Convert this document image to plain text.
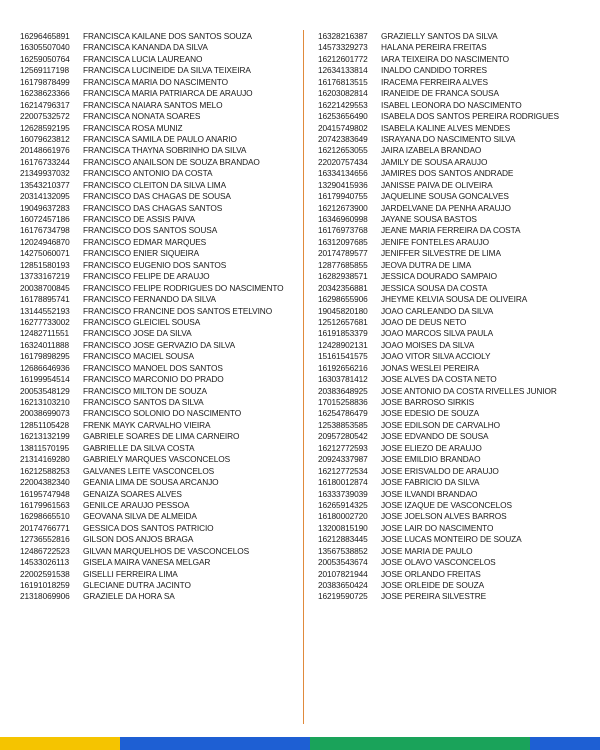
16296465891 FRANCISCA KAILANE DOS SANTOS SOUZA
16305507040 FRANCISCA KANANDA DA SILVA
16259050764 FRANCISCA LUCIA LAUREANO
12569117198 FRANCISCA LUCINEIDE DA SILVA TEIXEIRA
16179878499 FRANCISCA MARIA DO NASCIMENTO
16238623366 FRANCISCA MARIA PATRIARCA DE ARAUJO
16214796317 FRANCISCA NAIARA SANTOS MELO
22007532572 FRANCISCA NONATA SOARES
12628592195 FRANCISCA ROSA MUNIZ
16079623812 FRANCISCA SAMILA DE PAULO ANARIO
20148661976 FRANCISCA THAYNA SOBRINHO DA SILVA
16176733244 FRANCISCO ANAILSON DE SOUZA BRANDAO
21349937032 FRANCISCO ANTONIO DA COSTA
13543210377 FRANCISCO CLEITON DA SILVA LIMA
20314132095 FRANCISCO DAS CHAGAS DE SOUSA
19049637283 FRANCISCO DAS CHAGAS SANTOS
16072457186 FRANCISCO DE ASSIS PAIVA
16176734798 FRANCISCO DOS SANTOS SOUSA
12024946870 FRANCISCO EDMAR MARQUES
14275060071 FRANCISCO ENIER SIQUEIRA
12851580193 FRANCISCO EUGENIO DOS SANTOS
13733167219 FRANCISCO FELIPE DE ARAUJO
20038700845 FRANCISCO FELIPE RODRIGUES DO NASCIMENTO
16178895741 FRANCISCO FERNANDO DA SILVA
13144552193 FRANCISCO FRANCINE DOS SANTOS ETELVINO
16277733002 FRANCISCO GLEICIEL SOUSA
12482711551 FRANCISCO JOSE DA SILVA
16324011888 FRANCISCO JOSE GERVAZIO DA SILVA
16179898295 FRANCISCO MACIEL SOUSA
12686646936 FRANCISCO MANOEL DOS SANTOS
16199954514 FRANCISCO MARCONIO DO PRADO
20053548129 FRANCISCO MILTON DE SOUZA
16213103210 FRANCISCO SANTOS DA SILVA
20038699073 FRANCISCO SOLONIO DO NASCIMENTO
12851105428 FRENK MAYK CARVALHO VIEIRA
16213132199 GABRIELE SOARES DE LIMA CARNEIRO
13811570195 GABRIELLE DA SILVA COSTA
21314169280 GABRIELY MARQUES VASCONCELOS
16212588253 GALVANES LEITE VASCONCELOS
22004382340 GEANIA LIMA DE SOUSA ARCANJO
16195747948 GENAIZA SOARES ALVES
16179961563 GENILCE ARAUJO PESSOA
16298665510 GEOVANA SILVA DE ALMEIDA
20174766771 GESSICA DOS SANTOS PATRICIO
12736552816 GILSON DOS ANJOS BRAGA
12486722523 GILVAN MARQUELHOS DE VASCONCELOS
14533026113 GISELA MAIRA VANESA MELGAR
22002591538 GISELLI FERREIRA LIMA
16191018259 GLECIANE DUTRA JACINTO
21318069906 GRAZIELE DA HORA SA
16328216387 GRAZIELLY SANTOS DA SILVA
14573329273 HALANA PEREIRA FREITAS
16212601772 IARA TEIXEIRA DO NASCIMENTO
12634133814 INALDO CANDIDO TORRES
16176813515 IRACEMA FERREIRA ALVES
16203082814 IRANEIDE DE FRANCA SOUSA
16221429553 ISABEL LEONORA DO NASCIMENTO
16253656490 ISABELA DOS SANTOS PEREIRA RODRIGUES
20415749802 ISABELA KALINE ALVES MENDES
20742383649 ISRAYANA DO NASCIMENTO SILVA
16212653055 JAIRA IZABELA BRANDAO
22020757434 JAMILY DE SOUSA ARAUJO
16334134656 JAMIRES DOS SANTOS ANDRADE
13290415936 JANISSE PAIVA DE OLIVEIRA
16179940755 JAQUELINE SOUSA GONCALVES
16212673900 JARDELVANE DA PENHA ARAUJO
16346960998 JAYANE SOUSA BASTOS
16176973768 JEANE MARIA FERREIRA DA COSTA
16312097685 JENIFE FONTELES ARAUJO
20174789577 JENIFFER SILVESTRE DE LIMA
12877685855 JEOVA DUTRA DE LIMA
16282938571 JESSICA DOURADO SAMPAIO
20342356881 JESSICA SOUSA DA COSTA
16298655906 JHEYME KELVIA SOUSA DE OLIVEIRA
19045820180 JOAO CARLEANDO DA SILVA
12512657681 JOAO DE DEUS NETO
16191853379 JOAO MARCOS SILVA PAULA
12428902131 JOAO MOISES DA SILVA
15161541575 JOAO VITOR SILVA ACCIOLY
16192656216 JONAS WESLEI PEREIRA
16303781412 JOSE ALVES DA COSTA NETO
20383648925 JOSE ANTONIO DA COSTA RIVELLES JUNIOR
17015258836 JOSE BARROSO SIRKIS
16254786479 JOSE EDESIO DE SOUZA
12538853585 JOSE EDILSON DE CARVALHO
20957280542 JOSE EDVANDO DE SOUSA
16212772593 JOSE ELIEZO DE ARAUJO
20924337987 JOSE EMILDIO BRANDAO
16212772534 JOSE ERISVALDO DE ARAUJO
16180012874 JOSE FABRICIO DA SILVA
16333739039 JOSE ILVANDI BRANDAO
16265914325 JOSE IZAQUE DE VASCONCELOS
16180002720 JOSE JOELSON ALVES BARROS
13200815190 JOSE LAIR DO NASCIMENTO
16212883445 JOSE LUCAS MONTEIRO DE SOUZA
13567538852 JOSE MARIA DE PAULO
20053543674 JOSE OLAVO VASCONCELOS
20107821944 JOSE ORLANDO FREITAS
20383650424 JOSE ORLEIDE DE SOUZA
16219590725 JOSE PEREIRA SILVESTRE
